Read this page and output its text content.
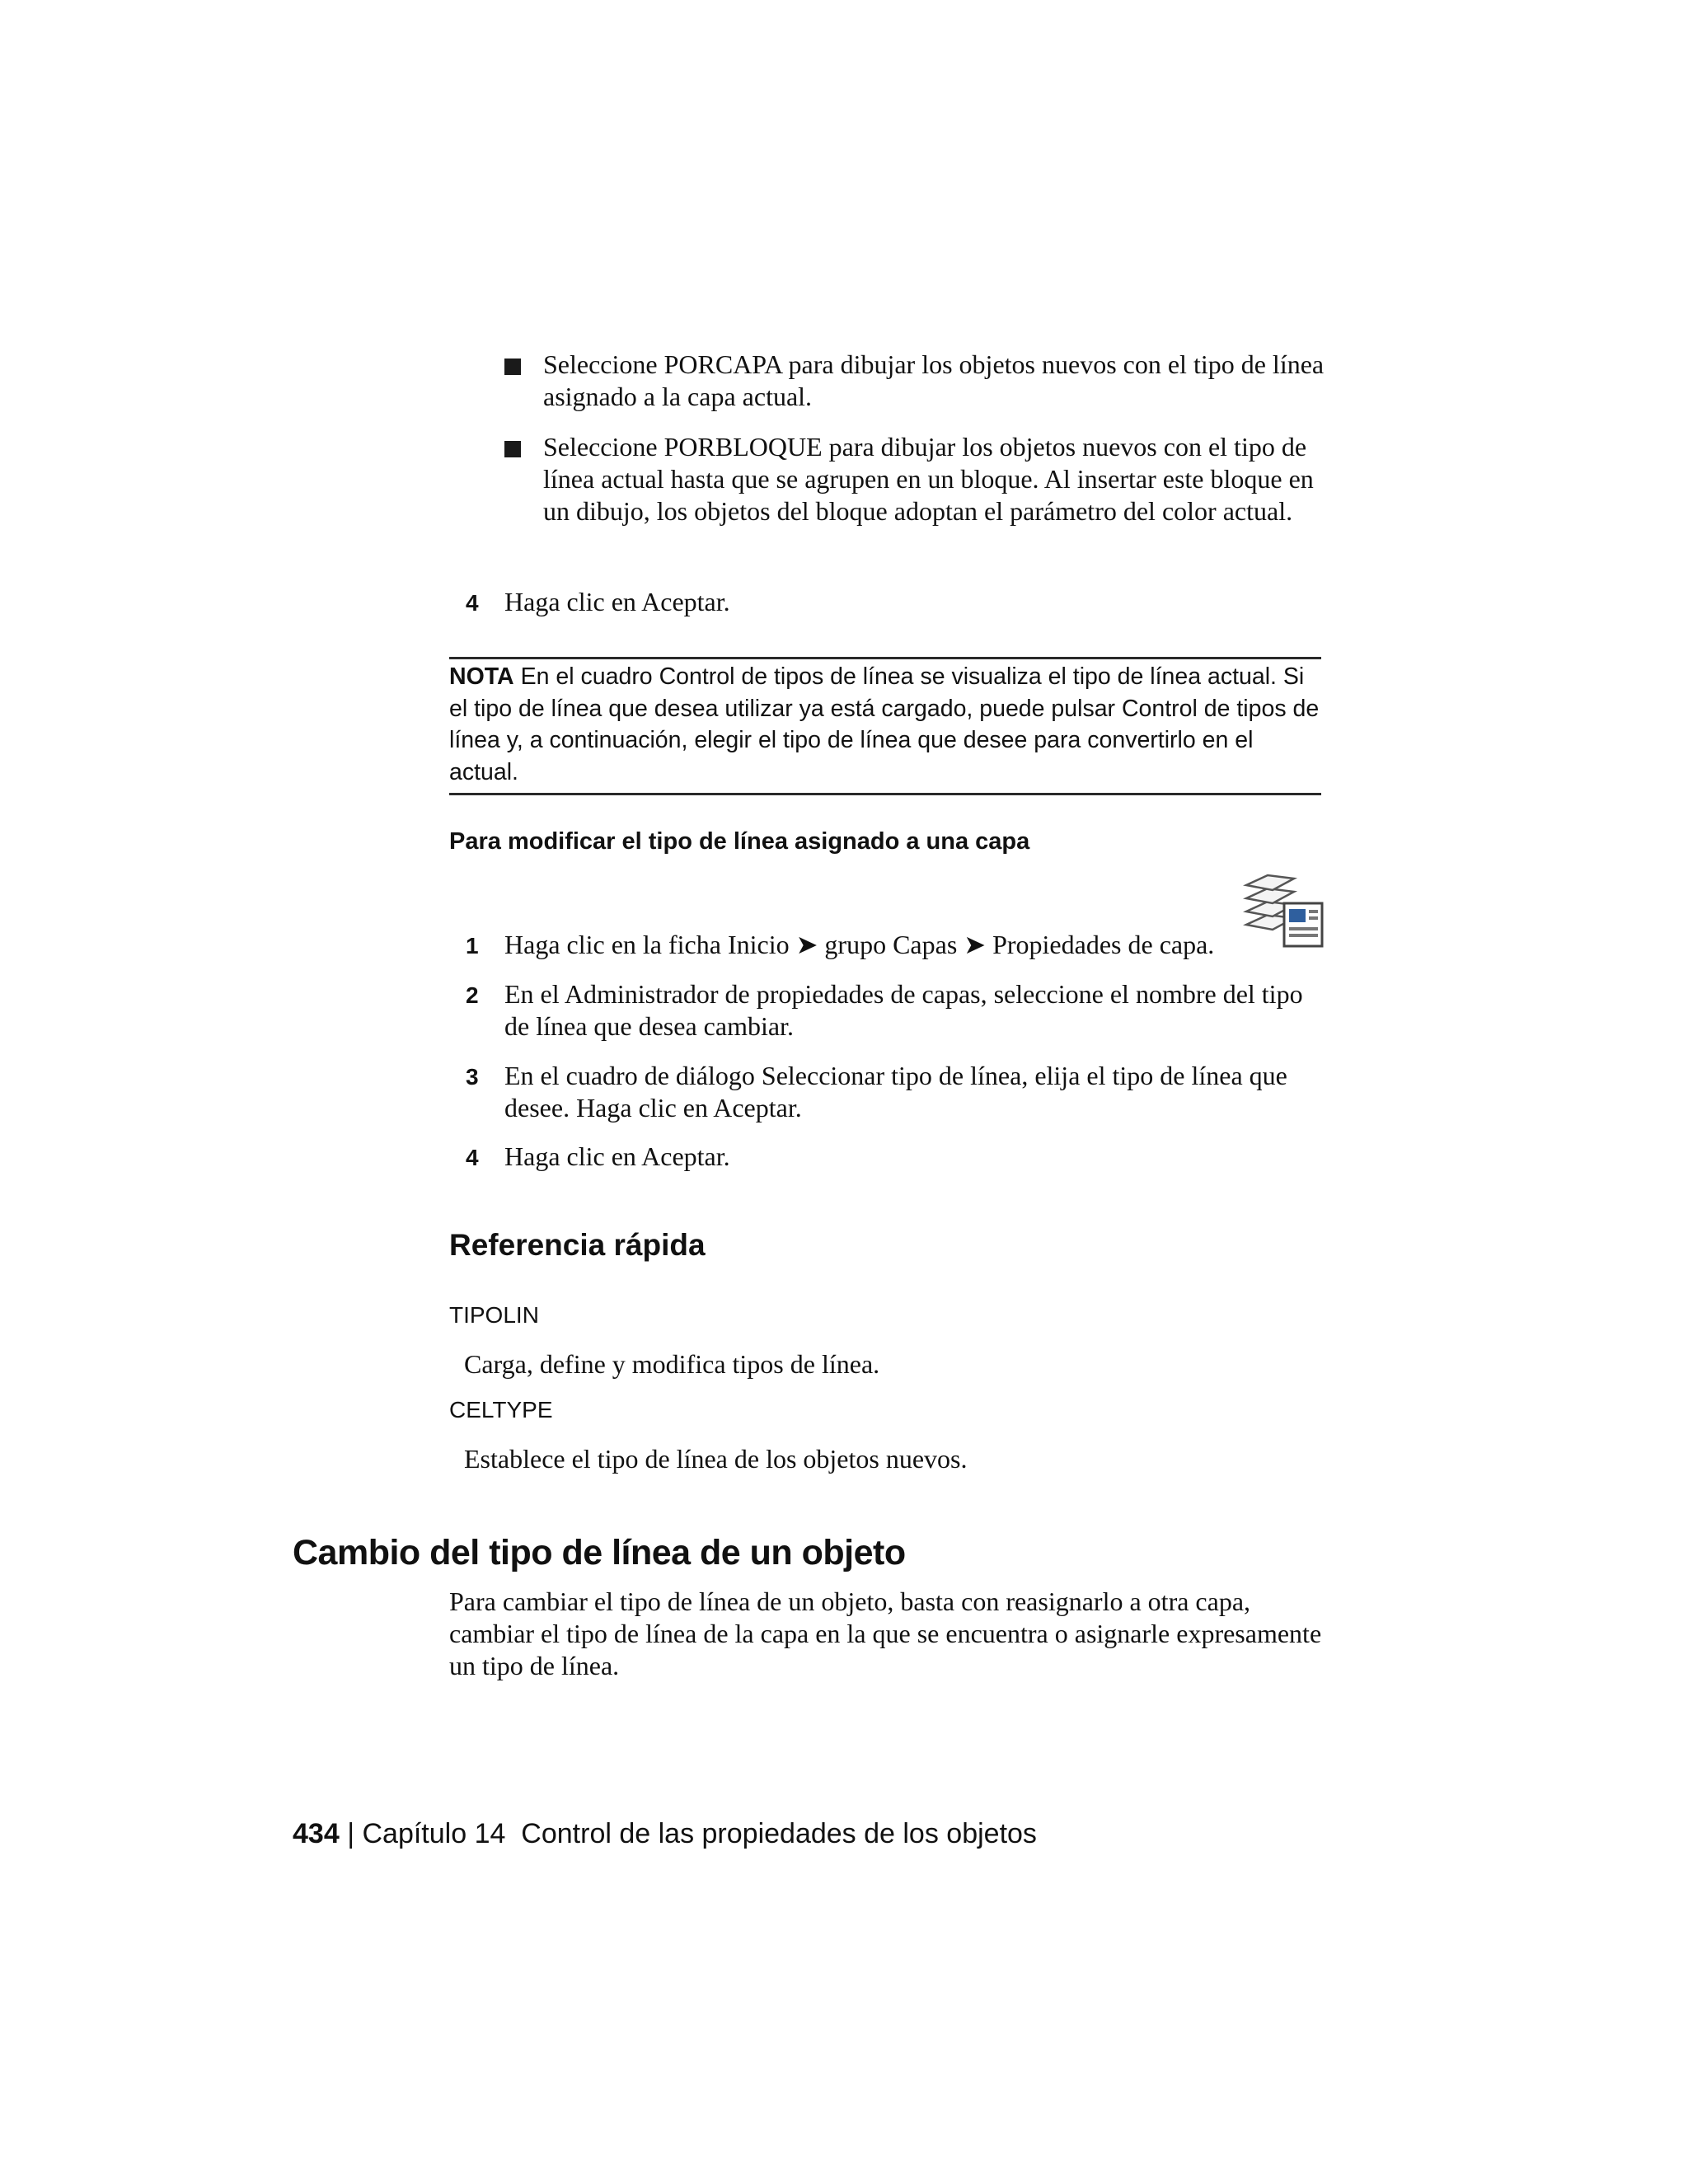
Seleccione PORCAPA para dibujar los objetos nuevos con el tipo de línea asignado a la capa actual.
Seleccione PORBLOQUE para dibujar los objetos nuevos con el tipo de línea actual hasta que se agrupen en un bloque. Al insertar este bloque en un dibujo, los objetos del bloque adoptan el parámetro del color actual.
4 Haga clic en Aceptar.
NOTA En el cuadro Control de tipos de línea se visualiza el tipo de línea actual. Si el tipo de línea que desea utilizar ya está cargado, puede pulsar Control de tipos de línea y, a continuación, elegir el tipo de línea que desee para convertirlo en el actual.
Para modificar el tipo de línea asignado a una capa
1 Haga clic en la ficha Inicio ➤ grupo Capas ➤ Propiedades de capa.
2 En el Administrador de propiedades de capas, seleccione el nombre del tipo de línea que desea cambiar.
3 En el cuadro de diálogo Seleccionar tipo de línea, elija el tipo de línea que desee. Haga clic en Aceptar.
4 Haga clic en Aceptar.
Referencia rápida
TIPOLIN
Carga, define y modifica tipos de línea.
CELTYPE
Establece el tipo de línea de los objetos nuevos.
Cambio del tipo de línea de un objeto
Para cambiar el tipo de línea de un objeto, basta con reasignarlo a otra capa, cambiar el tipo de línea de la capa en la que se encuentra o asignarle expresamente un tipo de línea.
434 | Capítulo 14 Control de las propiedades de los objetos
